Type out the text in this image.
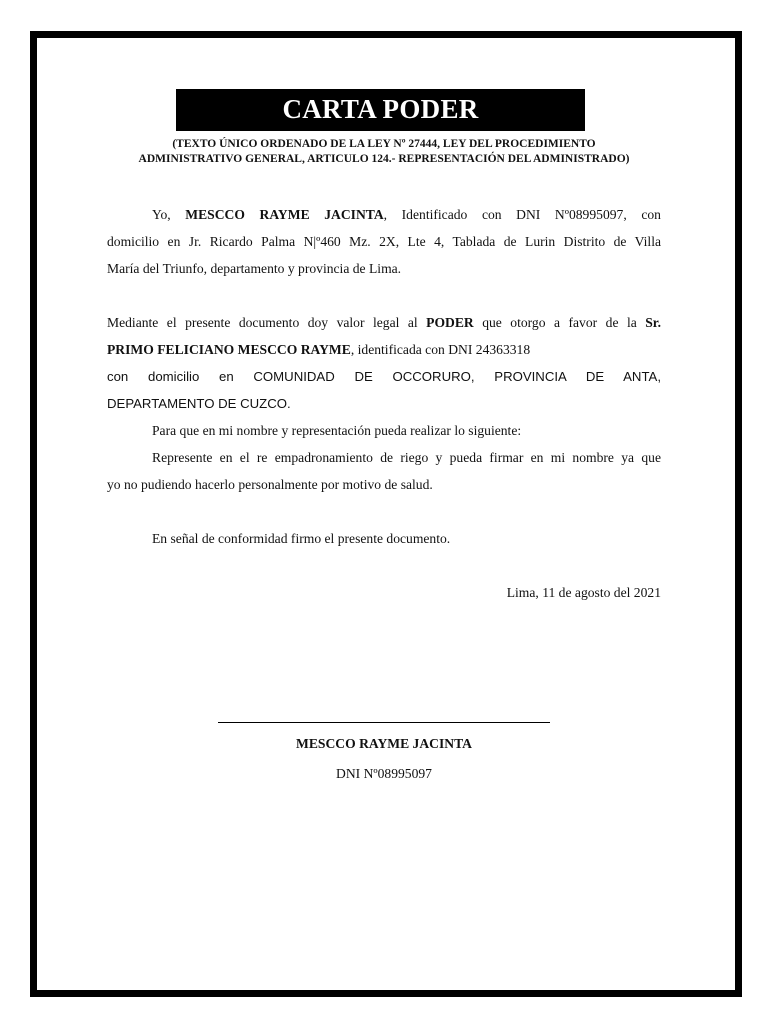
CARTA PODER
(TEXTO ÚNICO ORDENADO DE LA LEY Nº 27444, LEY DEL PROCEDIMIENTO
ADMINISTRATIVO GENERAL, ARTICULO 124.- REPRESENTACIÓN DEL ADMINISTRADO)
Yo, MESCCO RAYME JACINTA, Identificado con DNI Nº08995097, con
domicilio en Jr. Ricardo Palma N|º460 Mz. 2X, Lte 4, Tablada de Lurin Distrito de Villa
María del Triunfo, departamento y provincia de Lima.
Mediante el presente documento doy valor legal al PODER que otorgo a favor de la Sr.
PRIMO FELICIANO MESCCO RAYME, identificada con DNI 24363318
con domicilio en COMUNIDAD DE OCCORURO, PROVINCIA DE ANTA,
DEPARTAMENTO DE CUZCO.
Para que en mi nombre y representación pueda realizar lo siguiente:
Represente en el re empadronamiento de riego y pueda firmar en mi nombre ya que
yo no pudiendo hacerlo personalmente por motivo de salud.
En señal de conformidad firmo el presente documento.
Lima, 11 de agosto del 2021
MESCCO RAYME JACINTA
DNI Nº08995097
